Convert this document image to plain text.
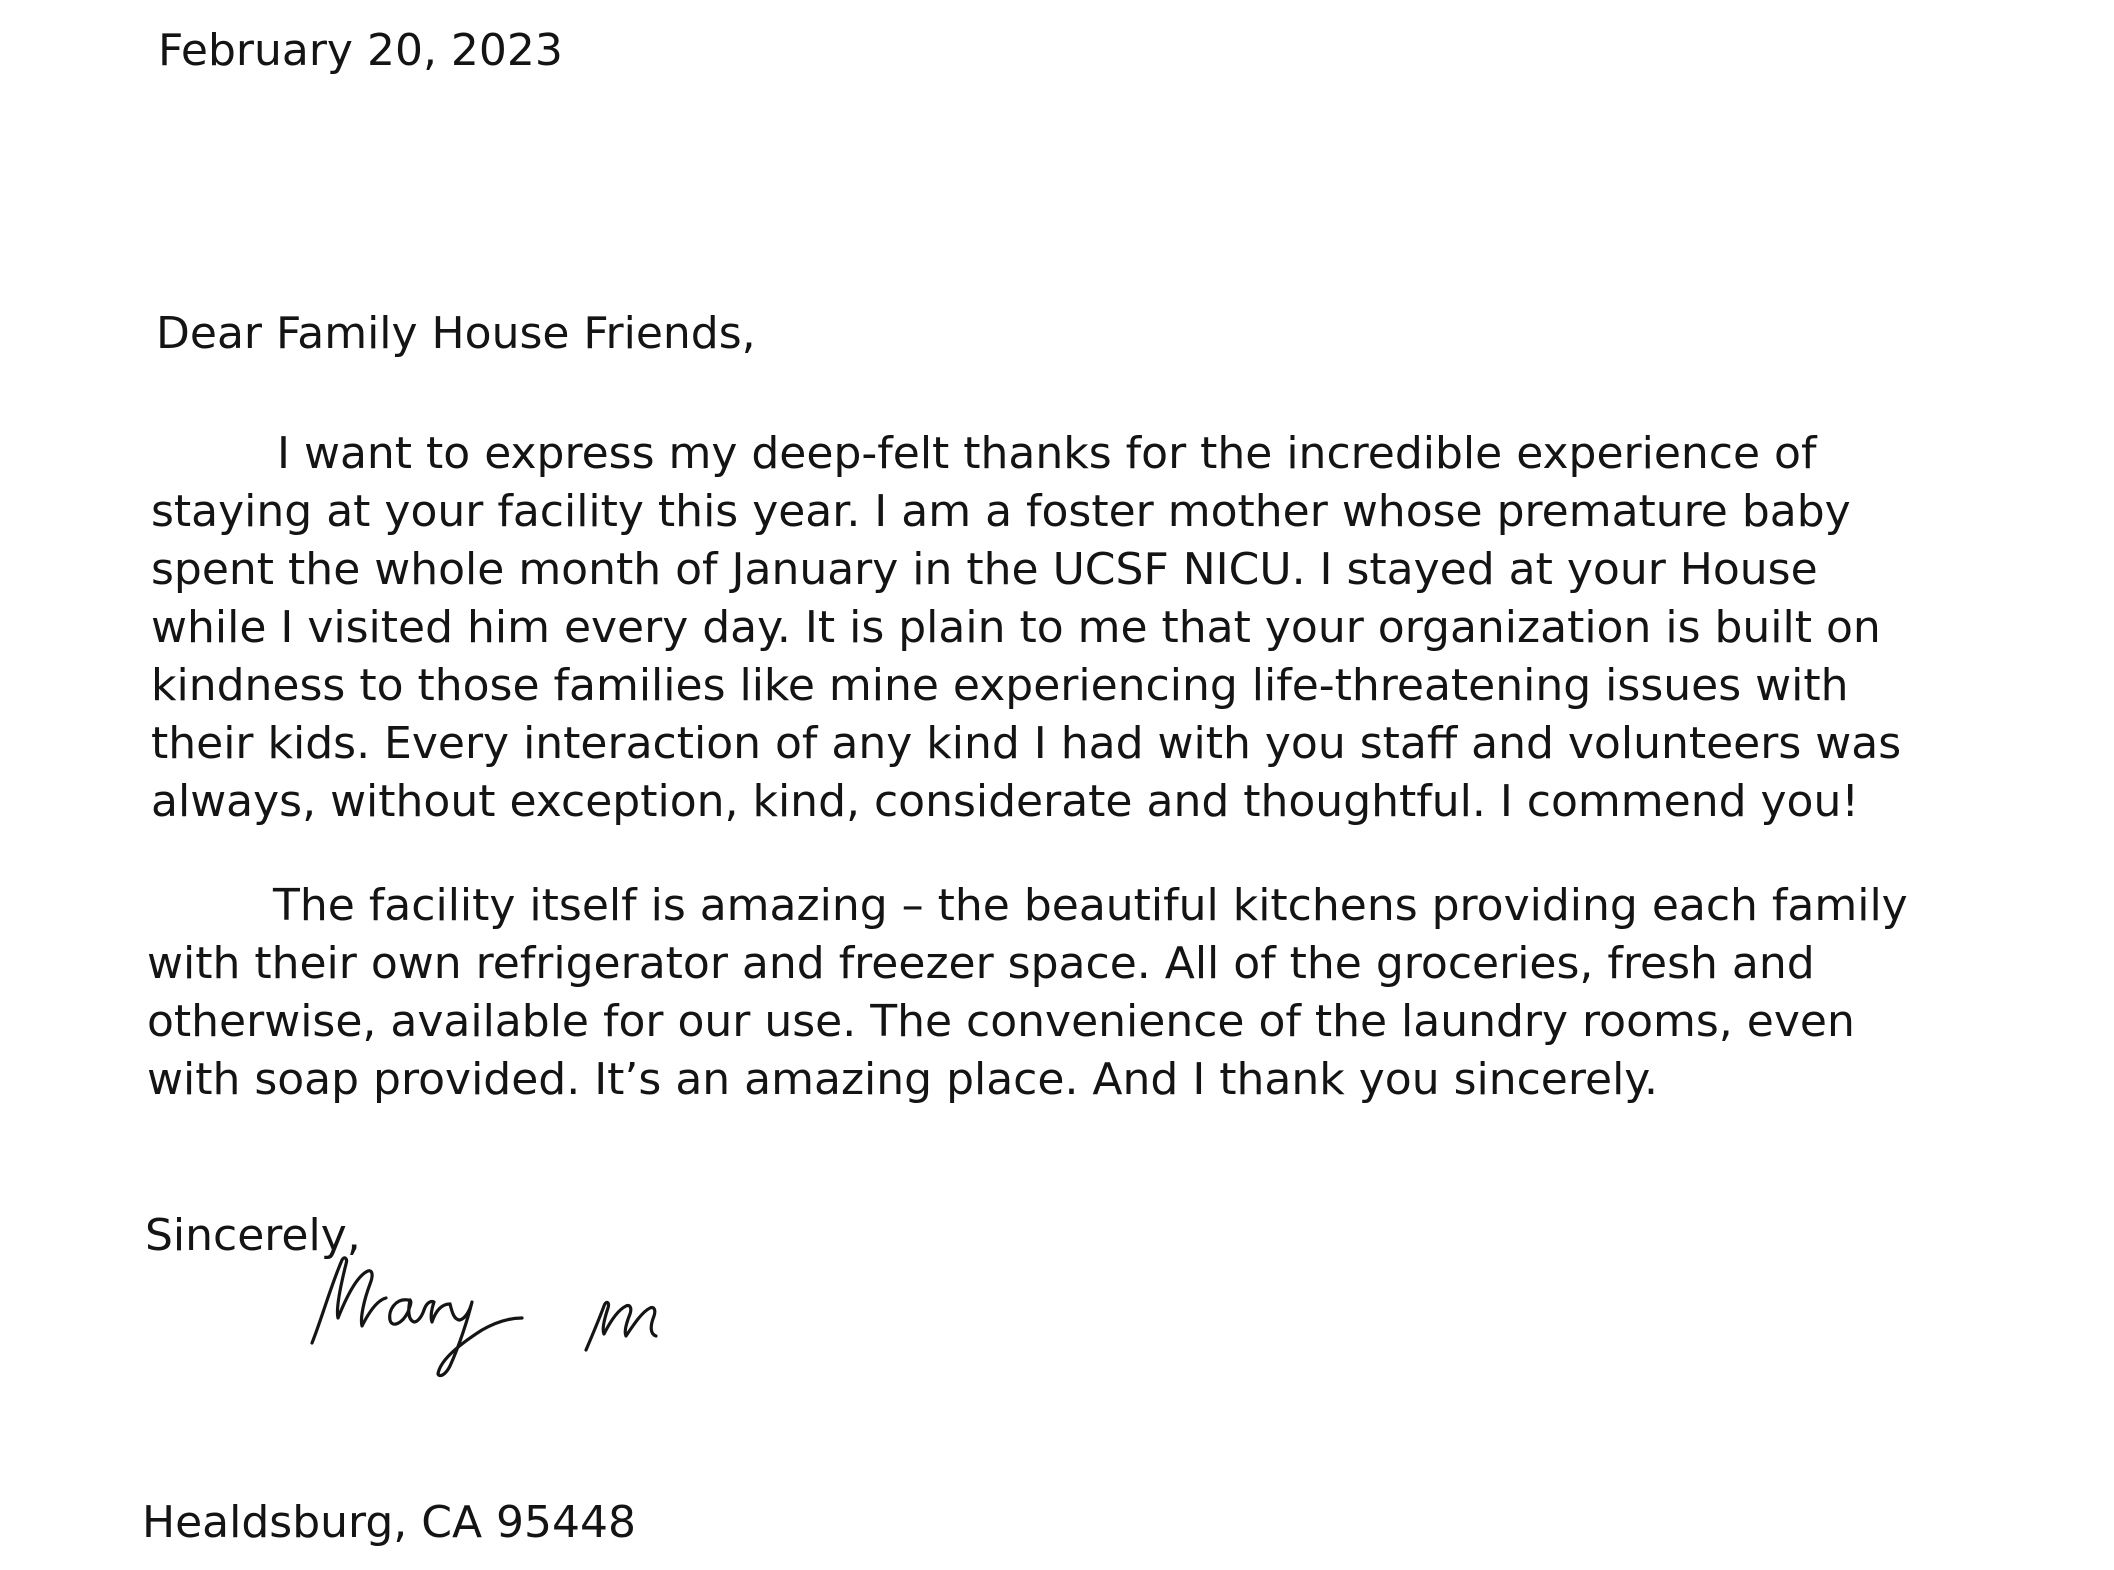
February 20, 2023
Dear Family House Friends,
I want to express my deep-felt thanks for the incredible experience of
staying at your facility this year. I am a foster mother whose premature baby
spent the whole month of January in the UCSF NICU. I stayed at your House
while I visited him every day. It is plain to me that your organization is built on
kindness to those families like mine experiencing life-threatening issues with
their kids. Every interaction of any kind I had with you staff and volunteers was
always, without exception, kind, considerate and thoughtful. I commend you!
The facility itself is amazing – the beautiful kitchens providing each family
with their own refrigerator and freezer space. All of the groceries, fresh and
otherwise, available for our use. The convenience of the laundry rooms, even
with soap provided. It’s an amazing place. And I thank you sincerely.
Sincerely,
Healdsburg, CA 95448
